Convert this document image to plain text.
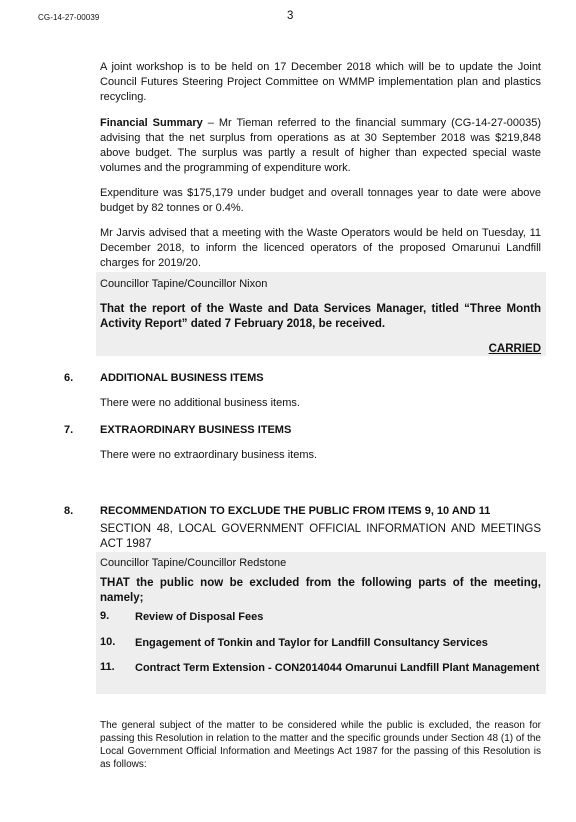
CG-14-27-00039	3

A joint workshop is to be held on 17 December 2018 which will be to update the Joint Council Futures Steering Project Committee on WMMP implementation plan and plastics recycling.

Financial Summary – Mr Tieman referred to the financial summary (CG-14-27-00035) advising that the net surplus from operations as at 30 September 2018 was $219,848 above budget. The surplus was partly a result of higher than expected special waste volumes and the programming of expenditure work.

Expenditure was $175,179 under budget and overall tonnages year to date were above budget by 82 tonnes or 0.4%.

Mr Jarvis advised that a meeting with the Waste Operators would be held on Tuesday, 11 December 2018, to inform the licenced operators of the proposed Omarunui Landfill charges for 2019/20.

Councillor Tapine/Councillor Nixon

That the report of the Waste and Data Services Manager, titled “Three Month Activity Report” dated 7 February 2018, be received.

CARRIED
6. ADDITIONAL BUSINESS ITEMS

There were no additional business items.

7. EXTRAORDINARY BUSINESS ITEMS

There were no extraordinary business items.

8. RECOMMENDATION TO EXCLUDE THE PUBLIC FROM ITEMS 9, 10 AND 11

SECTION 48, LOCAL GOVERNMENT OFFICIAL INFORMATION AND MEETINGS ACT 1987

Councillor Tapine/Councillor Redstone

THAT the public now be excluded from the following parts of the meeting, namely;

9. Review of Disposal Fees
10. Engagement of Tonkin and Taylor for Landfill Consultancy Services
11. Contract Term Extension - CON2014044 Omarunui Landfill Plant Management

The general subject of the matter to be considered while the public is excluded, the reason for passing this Resolution in relation to the matter and the specific grounds under Section 48 (1) of the Local Government Official Information and Meetings Act 1987 for the passing of this Resolution is as follows:
